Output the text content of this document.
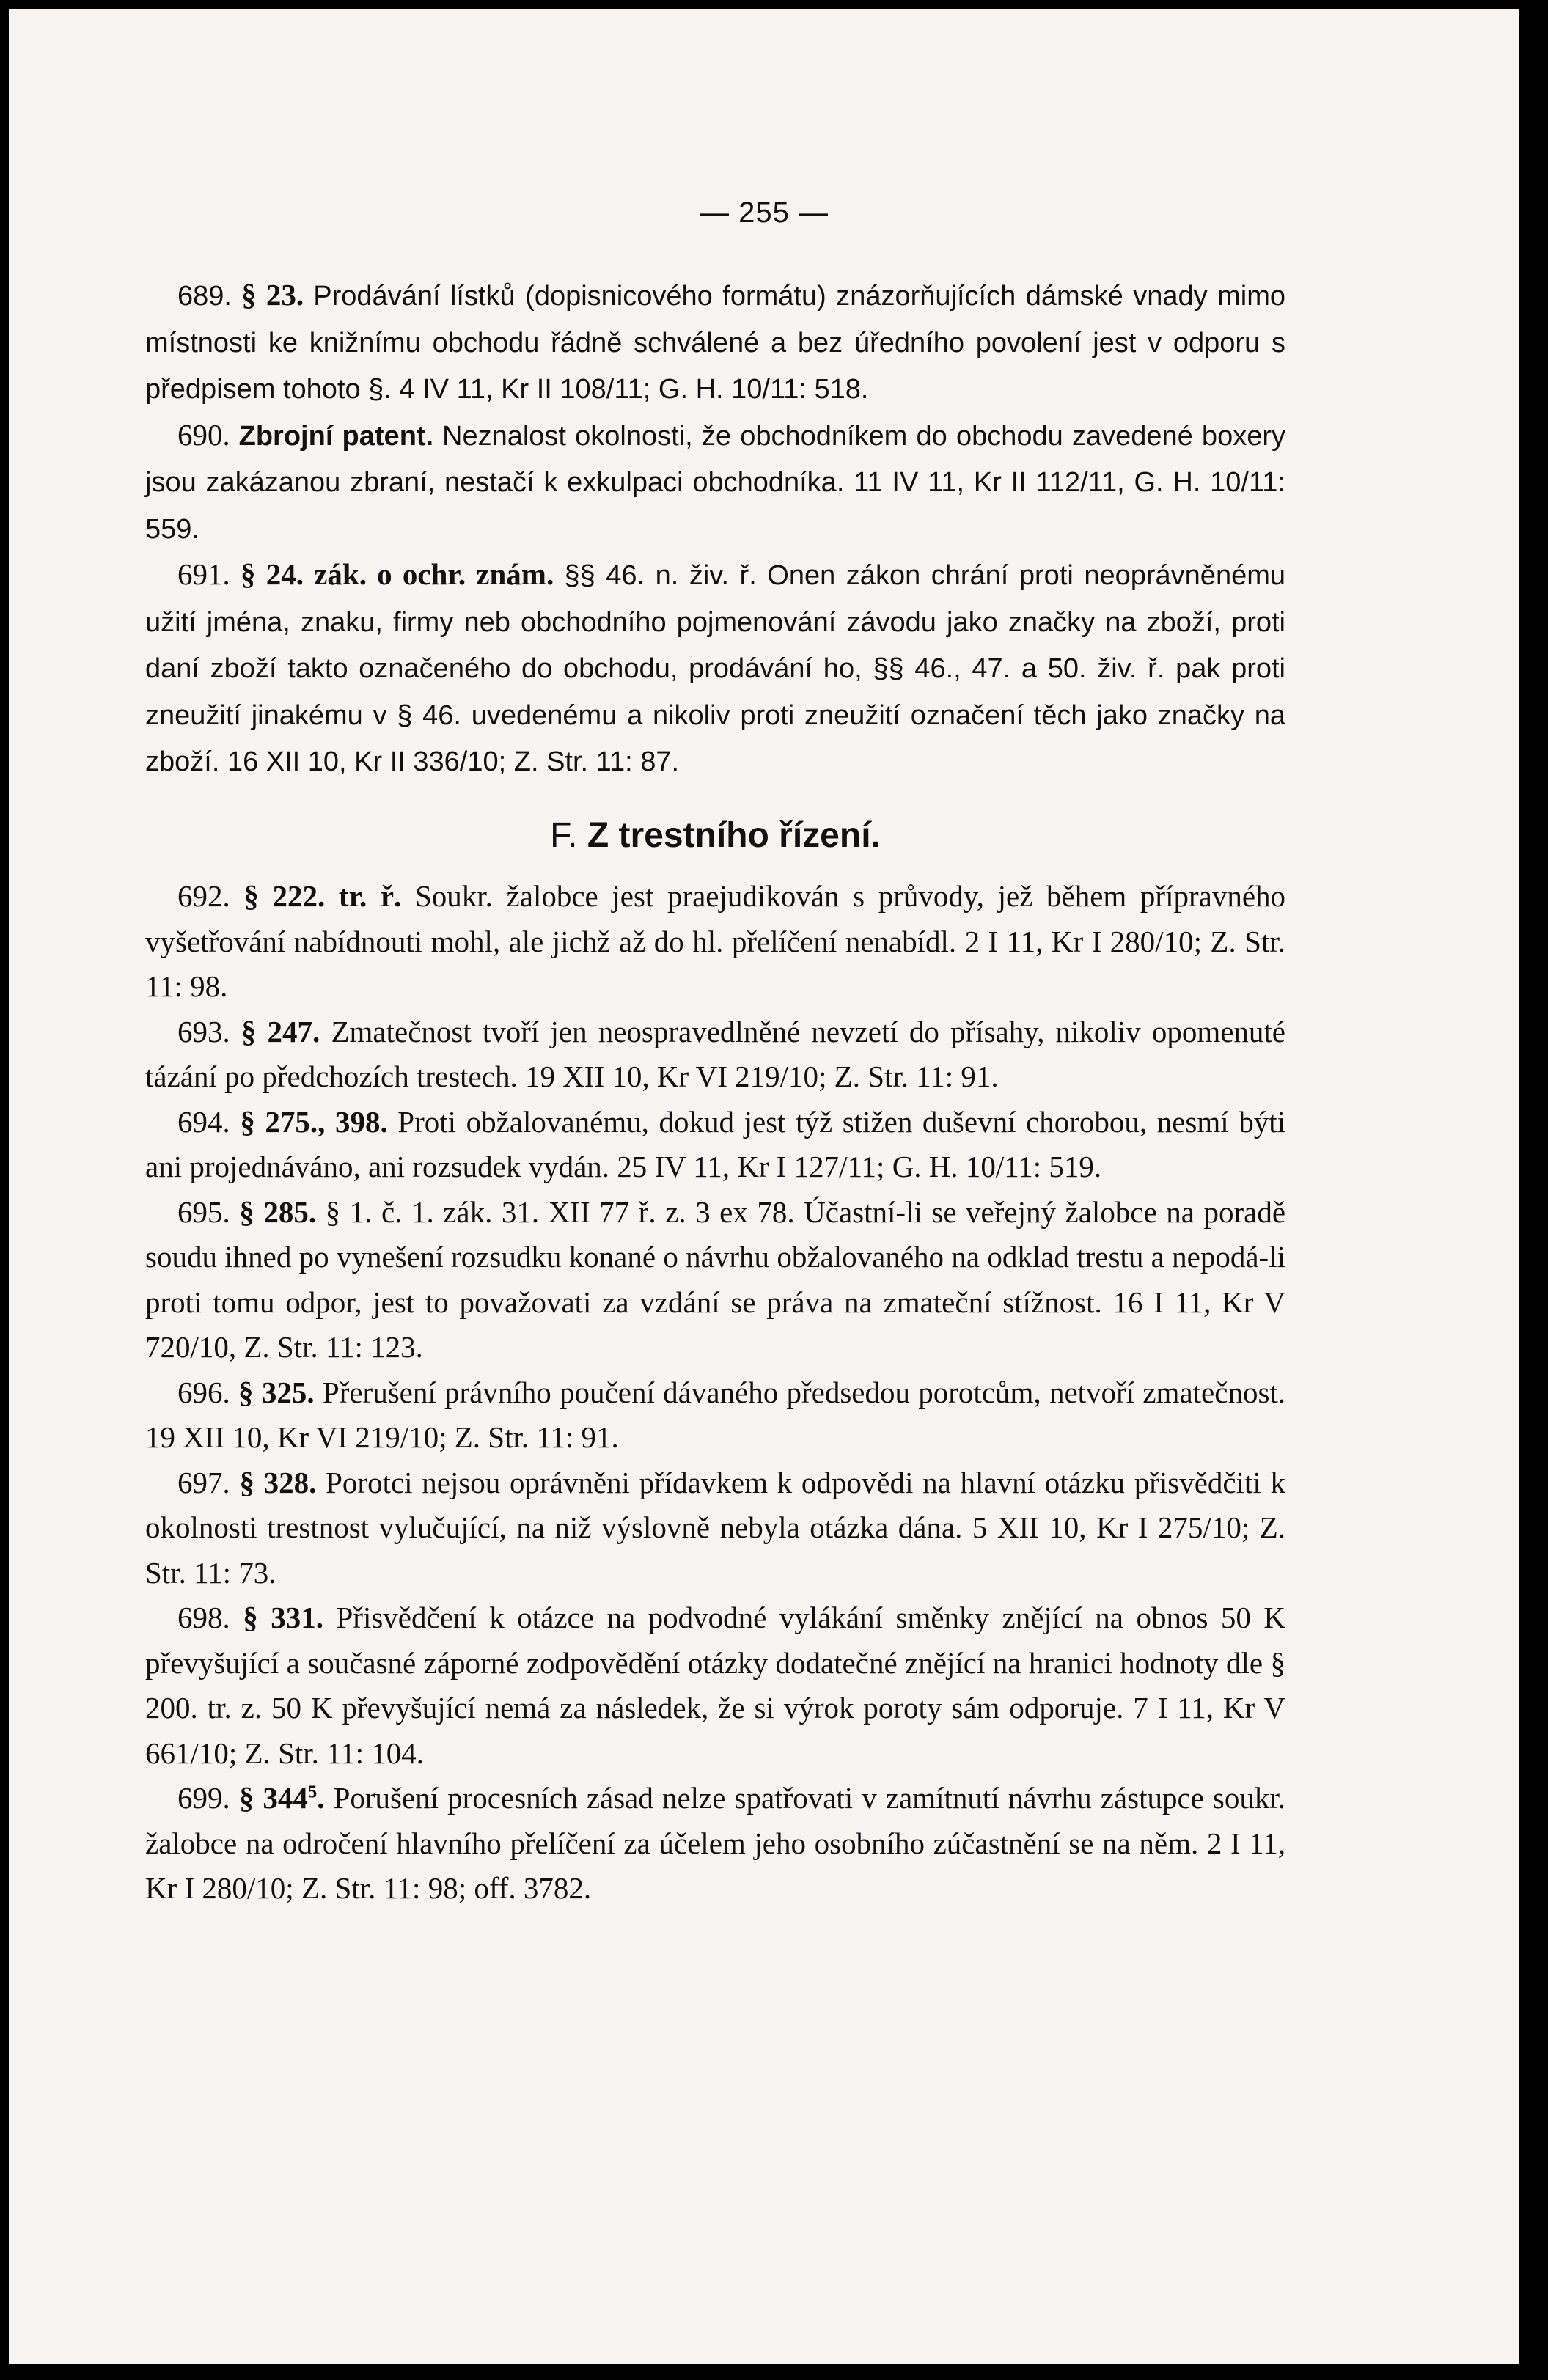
— 255 —

689. § 23. Prodávání lístků (dopisnicového formátu) znázorňujících dámské vnady mimo místnosti ke knižnímu obchodu řádně schválené a bez úředního povolení jest v odporu s předpisem tohoto §. 4 IV 11, Kr II 108/11; G. H. 10/11: 518.

690. Zbrojní patent. Neznalost okolnosti, že obchodníkem do obchodu zavedené boxery jsou zakázanou zbraní, nestačí k exkulpaci obchodníka. 11 IV 11, Kr II 112/11, G. H. 10/11: 559.

691. § 24. zák. o ochr. znám. §§ 46. n. živ. ř. Onen zákon chrání proti neoprávněnému užití jména, znaku, firmy neb obchodního pojmenování závodu jako značky na zboží, proti daní zboží takto označeného do obchodu, prodávání ho, §§ 46., 47. a 50. živ. ř. pak proti zneužití jinakému v § 46. uvedenému a nikoliv proti zneužití označení těch jako značky na zboží. 16 XII 10, Kr II 336/10; Z. Str. 11: 87.

F. Z trestního řízení.

692. § 222. tr. ř. Soukr. žalobce jest praejudikován s průvody, jež během přípravného vyšetřování nabídnouti mohl, ale jichž až do hl. přelíčení nenabídl. 2 I 11, Kr I 280/10; Z. Str. 11: 98.

693. § 247. Zmatečnost tvoří jen neospravedlněné nevzetí do přísahy, nikoliv opomenuté tázání po předchozích trestech. 19 XII 10, Kr VI 219/10; Z. Str. 11: 91.

694. § 275., 398. Proti obžalovanému, dokud jest týž stižen duševní chorobou, nesmí býti ani projednáváno, ani rozsudek vydán. 25 IV 11, Kr I 127/11; G. H. 10/11: 519.

695. § 285. § 1. č. 1. zák. 31. XII 77 ř. z. 3 ex 78. Účastní-li se veřejný žalobce na poradě soudu ihned po vynešení rozsudku konané o návrhu obžalovaného na odklad trestu a nepodá-li proti tomu odpor, jest to považovati za vzdání se práva na zmateční stížnost. 16 I 11, Kr V 720/10, Z. Str. 11: 123.

696. § 325. Přerušení právního poučení dávaného předsedou porotcům, netvoří zmatečnost. 19 XII 10, Kr VI 219/10; Z. Str. 11: 91.

697. § 328. Porotci nejsou oprávněni přídavkem k odpovědi na hlavní otázku přisvědčiti k okolnosti trestnost vylučující, na niž výslovně nebyla otázka dána. 5 XII 10, Kr I 275/10; Z. Str. 11: 73.

698. § 331. Přisvědčení k otázce na podvodné vylákání směnky znějící na obnos 50 K převyšující a současné záporné zodpovědění otázky dodatečné znějící na hranici hodnoty dle § 200. tr. z. 50 K převyšující nemá za následek, že si výrok poroty sám odporuje. 7 I 11, Kr V 661/10; Z. Str. 11: 104.

699. § $344^5$. Porušení procesních zásad nelze spatřovati v zamítnutí návrhu zástupce soukr. žalobce na odročení hlavního přelíčení za účelem jeho osobního zúčastnění se na něm. 2 I 11, Kr I 280/10; Z. Str. 11: 98; off. 3782.
